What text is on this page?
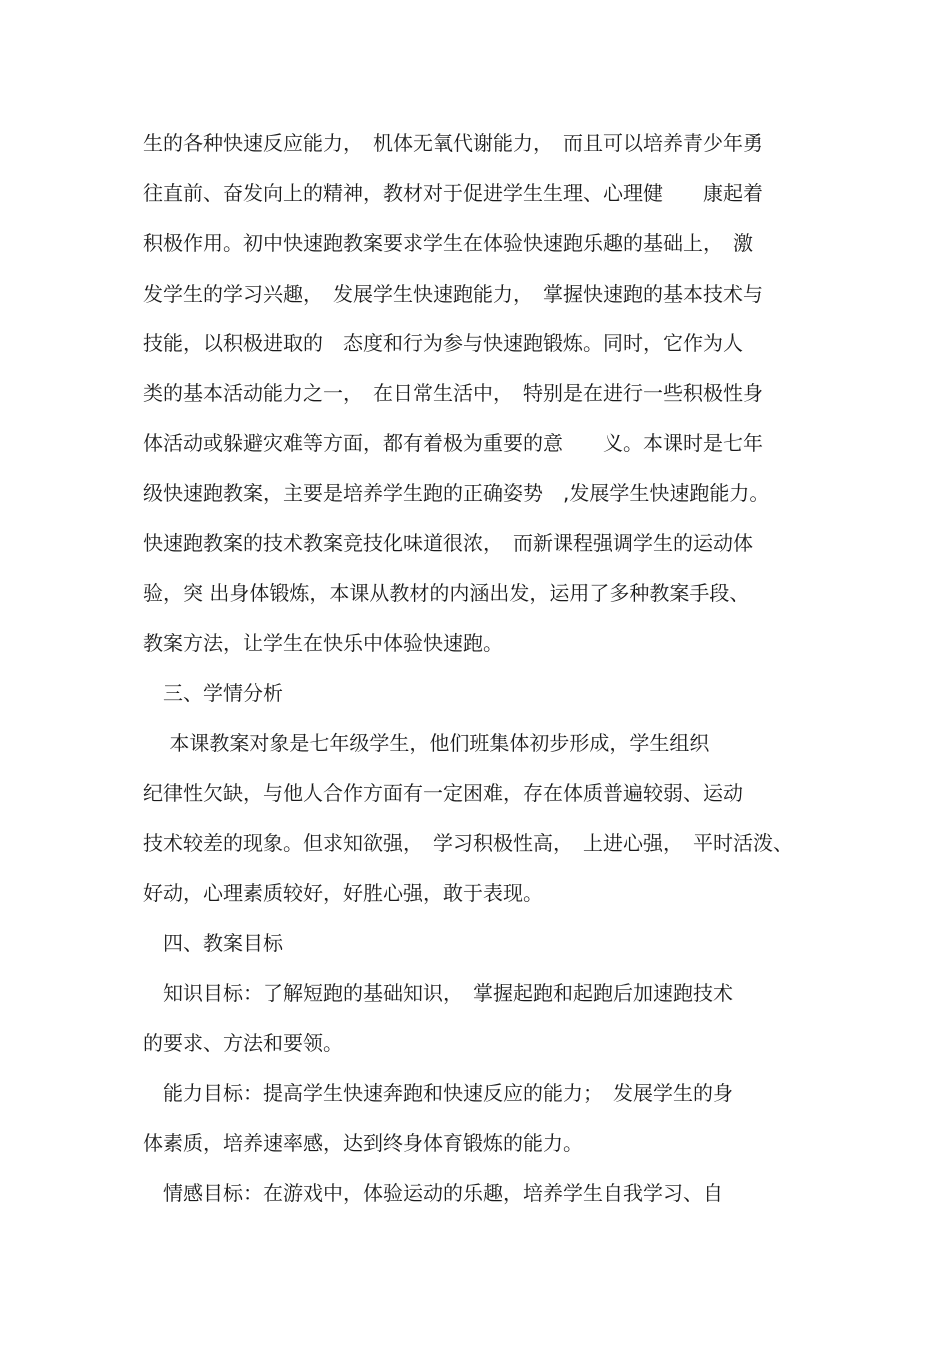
生的各种快速反应能力，　机体无氧代谢能力，　而且可以培养青少年勇
往直前、奋发向上的精神，教材对于促进学生生理、心理健　　康起着
积极作用。初中快速跑教案要求学生在体验快速跑乐趣的基础上，　激
发学生的学习兴趣，　发展学生快速跑能力，　掌握快速跑的基本技术与
技能，以积极进取的　态度和行为参与快速跑锻炼。同时，它作为人
类的基本活动能力之一，　在日常生活中，　特别是在进行一些积极性身
体活动或躲避灾难等方面，都有着极为重要的意　　义。本课时是七年
级快速跑教案，主要是培养学生跑的正确姿势　,发展学生快速跑能力。
快速跑教案的技术教案竞技化味道很浓，　而新课程强调学生的运动体
验，突 出身体锻炼，本课从教材的内涵出发，运用了多种教案手段、
教案方法，让学生在快乐中体验快速跑。
　三、学情分析
　 本课教案对象是七年级学生，他们班集体初步形成，学生组织
纪律性欠缺，与他人合作方面有一定困难，存在体质普遍较弱、运动
技术较差的现象。但求知欲强，　学习积极性高，　上进心强，　平时活泼、
好动，心理素质较好，好胜心强，敢于表现。
　四、教案目标
　知识目标：了解短跑的基础知识，　掌握起跑和起跑后加速跑技术
的要求、方法和要领。
　能力目标：提高学生快速奔跑和快速反应的能力；　发展学生的身
体素质，培养速率感，达到终身体育锻炼的能力。
　情感目标：在游戏中，体验运动的乐趣，培养学生自我学习、自
